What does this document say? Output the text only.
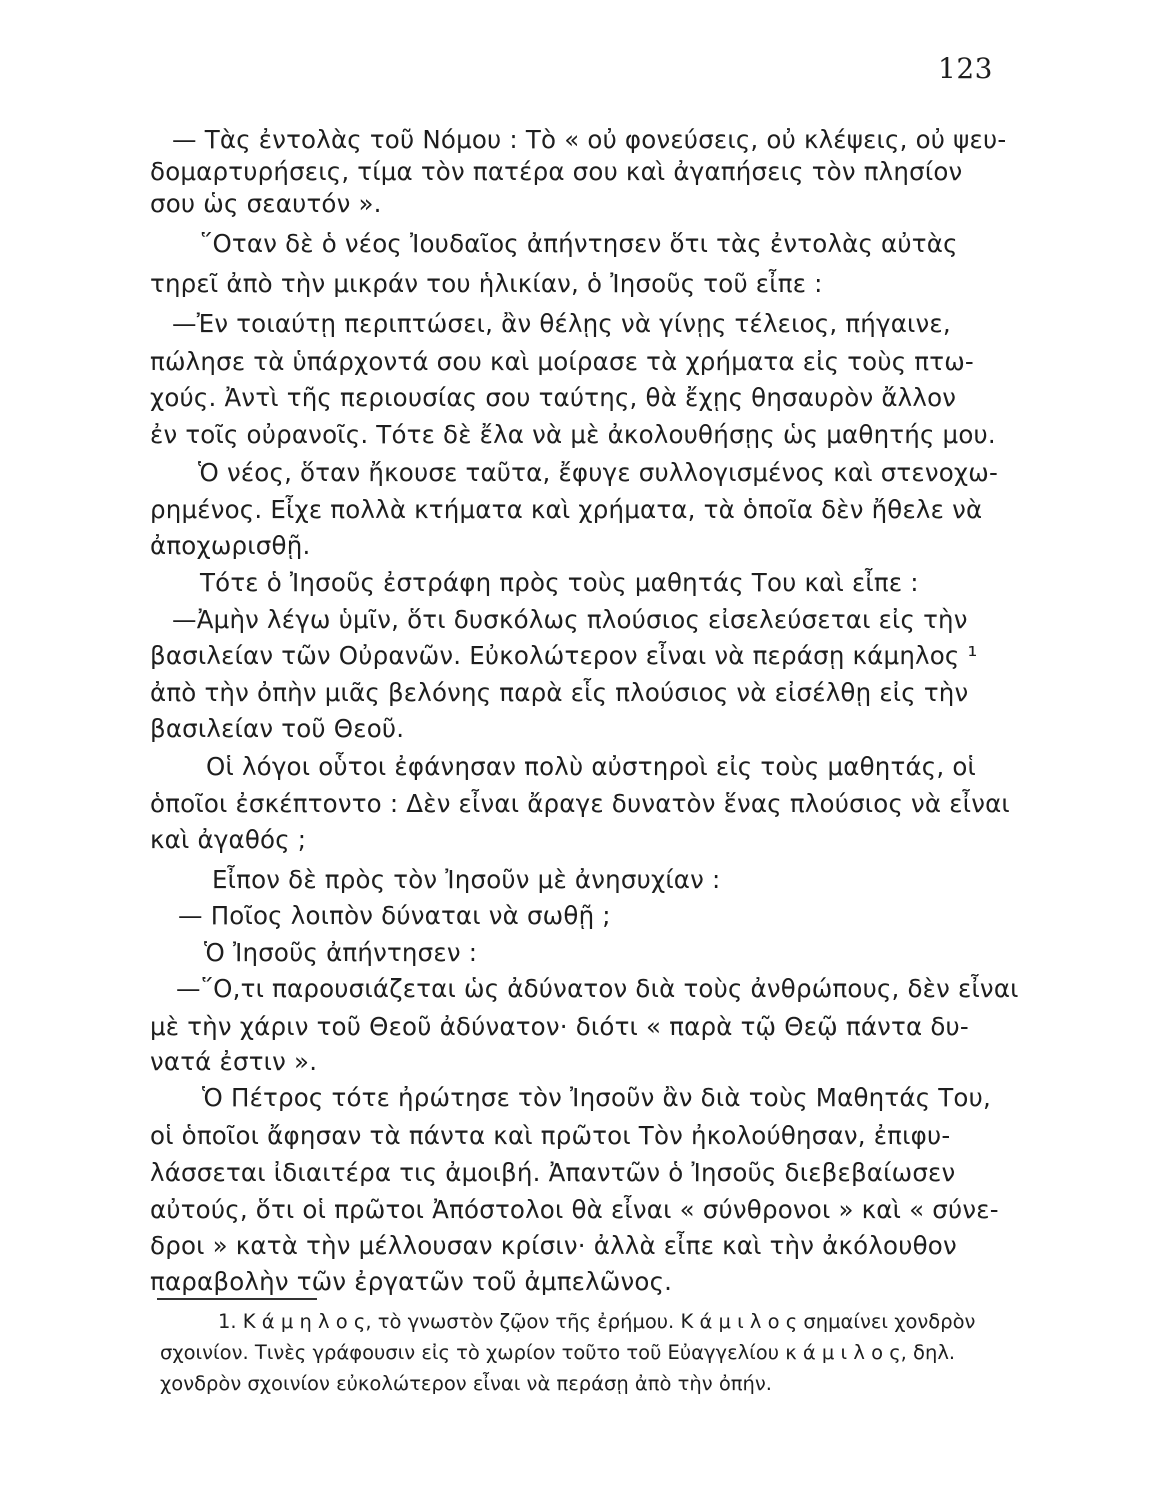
123
— Τὰς ἐντολὰς τοῦ Νόμου : Τὸ « οὐ φονεύσεις, οὐ κλέψεις, οὐ ψευ-
δομαρτυρήσεις, τίμα τὸν πατέρα σου καὶ ἀγαπήσεις τὸν πλησίον
σου ὡς σεαυτόν ».
῞Οταν δὲ ὁ νέος Ἰουδαῖος ἀπήντησεν ὅτι τὰς ἐντολὰς αὐτὰς
τηρεῖ ἀπὸ τὴν μικράν του ἡλικίαν, ὁ Ἰησοῦς τοῦ εἶπε :
—Ἐν τοιαύτῃ περιπτώσει, ἂν θέλῃς νὰ γίνῃς τέλειος, πήγαινε,
πώλησε τὰ ὑπάρχοντά σου καὶ μοίρασε τὰ χρήματα εἰς τοὺς πτω-
χούς. Ἀντὶ τῆς περιουσίας σου ταύτης, θὰ ἔχῃς θησαυρὸν ἄλλον
ἐν τοῖς οὐρανοῖς. Τότε δὲ ἔλα νὰ μὲ ἀκολουθήσῃς ὡς μαθητής μου.
Ὁ νέος, ὅταν ἤκουσε ταῦτα, ἔφυγε συλλογισμένος καὶ στενοχω-
ρημένος. Εἶχε πολλὰ κτήματα καὶ χρήματα, τὰ ὁποῖα δὲν ἤθελε νὰ
ἀποχωρισθῇ.
Τότε ὁ Ἰησοῦς ἐστράφη πρὸς τοὺς μαθητάς Του καὶ εἶπε :
—Ἀμὴν λέγω ὑμῖν, ὅτι δυσκόλως πλούσιος εἰσελεύσεται εἰς τὴν
βασιλείαν τῶν Οὐρανῶν. Εὐκολώτερον εἶναι νὰ περάσῃ κάμηλος ¹
ἀπὸ τὴν ὀπὴν μιᾶς βελόνης παρὰ εἷς πλούσιος νὰ εἰσέλθῃ εἰς τὴν
βασιλείαν τοῦ Θεοῦ.
Οἱ λόγοι οὗτοι ἐφάνησαν πολὺ αὐστηροὶ εἰς τοὺς μαθητάς, οἱ
ὁποῖοι ἐσκέπτοντο : Δὲν εἶναι ἄραγε δυνατὸν ἕνας πλούσιος νὰ εἶναι
καὶ ἀγαθός ;
Εἶπον δὲ πρὸς τὸν Ἰησοῦν μὲ ἀνησυχίαν :
— Ποῖος λοιπὸν δύναται νὰ σωθῇ ;
Ὁ Ἰησοῦς ἀπήντησεν :
—῞Ο,τι παρουσιάζεται ὡς ἀδύνατον διὰ τοὺς ἀνθρώπους, δὲν εἶναι
μὲ τὴν χάριν τοῦ Θεοῦ ἀδύνατον· διότι « παρὰ τῷ Θεῷ πάντα δυ-
νατά ἐστιν ».
Ὁ Πέτρος τότε ἠρώτησε τὸν Ἰησοῦν ἂν διὰ τοὺς Μαθητάς Του,
οἱ ὁποῖοι ἄφησαν τὰ πάντα καὶ πρῶτοι Τὸν ἠκολούθησαν, ἐπιφυ-
λάσσεται ἰδιαιτέρα τις ἀμοιβή. Ἀπαντῶν ὁ Ἰησοῦς διεβεβαίωσεν
αὐτούς, ὅτι οἱ πρῶτοι Ἀπόστολοι θὰ εἶναι « σύνθρονοι » καὶ « σύνε-
δροι » κατὰ τὴν μέλλουσαν κρίσιν· ἀλλὰ εἶπε καὶ τὴν ἀκόλουθον
παραβολὴν τῶν ἐργατῶν τοῦ ἀμπελῶνος.
1. Κ ά μ η λ ο ς, τὸ γνωστὸν ζῷον τῆς ἐρήμου. Κ ά μ ι λ ο ς σημαίνει χονδρὸν
σχοινίον. Τινὲς γράφουσιν εἰς τὸ χωρίον τοῦτο τοῦ Εὐαγγελίου κ ά μ ι λ ο ς, δηλ.
χονδρὸν σχοινίον εὐκολώτερον εἶναι νὰ περάσῃ ἀπὸ τὴν ὀπήν.
